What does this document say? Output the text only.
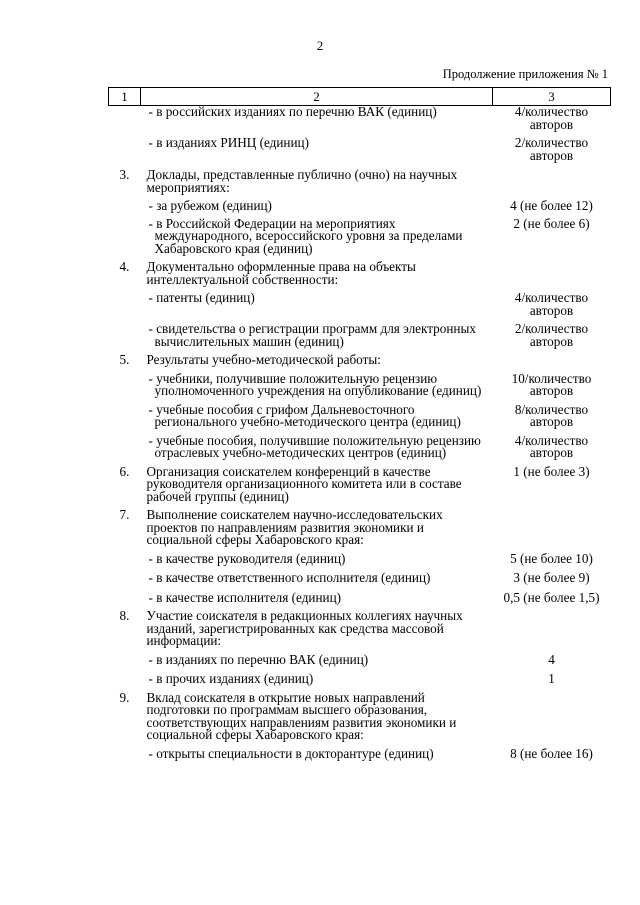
2
Продолжение приложения № 1
1	2	3

	- в российских изданиях по перечню ВАК (единиц)	4/количество авторов

	- в изданиях РИНЦ (единиц)	2/количество авторов
3.	Доклады, представленные публично (очно) на научных мероприятиях:	

	- за рубежом (единиц)	4 (не более 12)

	- в Российской Федерации на мероприятиях международного, всероссийского уровня за пределами Хабаровского края (единиц)	2 (не более 6)
4.	Документально оформленные права на объекты интеллектуальной собственности:	

	- патенты (единиц)	4/количество авторов

	- свидетельства о регистрации программ для электронных вычислительных машин (единиц)	2/количество авторов
5.	Результаты учебно-методической работы:	

	- учебники, получившие положительную рецензию уполномоченного учреждения на опубликование (единиц)	10/количество авторов

	- учебные пособия с грифом Дальневосточного регионального учебно-методического центра (единиц)	8/количество авторов

	- учебные пособия, получившие положительную рецензию отраслевых учебно-методических центров (единиц)	4/количество авторов
6.	Организация соискателем конференций в качестве руководителя организационного комитета или в составе рабочей группы (единиц)	1 (не более 3)
7.	Выполнение соискателем научно-исследовательских проектов по направлениям развития экономики и социальной сферы Хабаровского края:	

	- в качестве руководителя (единиц)	5 (не более 10)

	- в качестве ответственного исполнителя (единиц)	3 (не более 9)

	- в качестве исполнителя (единиц)	0,5 (не более 1,5)
8.	Участие соискателя в редакционных коллегиях научных изданий, зарегистрированных как средства массовой информации:	

	- в изданиях по перечню ВАК (единиц)	4

	- в прочих изданиях (единиц)	1
9.	Вклад соискателя в открытие новых направлений подготовки по программам высшего образования, соответствующих направлениям развития экономики и социальной сферы Хабаровского края:	

	- открыты специальности в докторантуре (единиц)	8 (не более 16)
